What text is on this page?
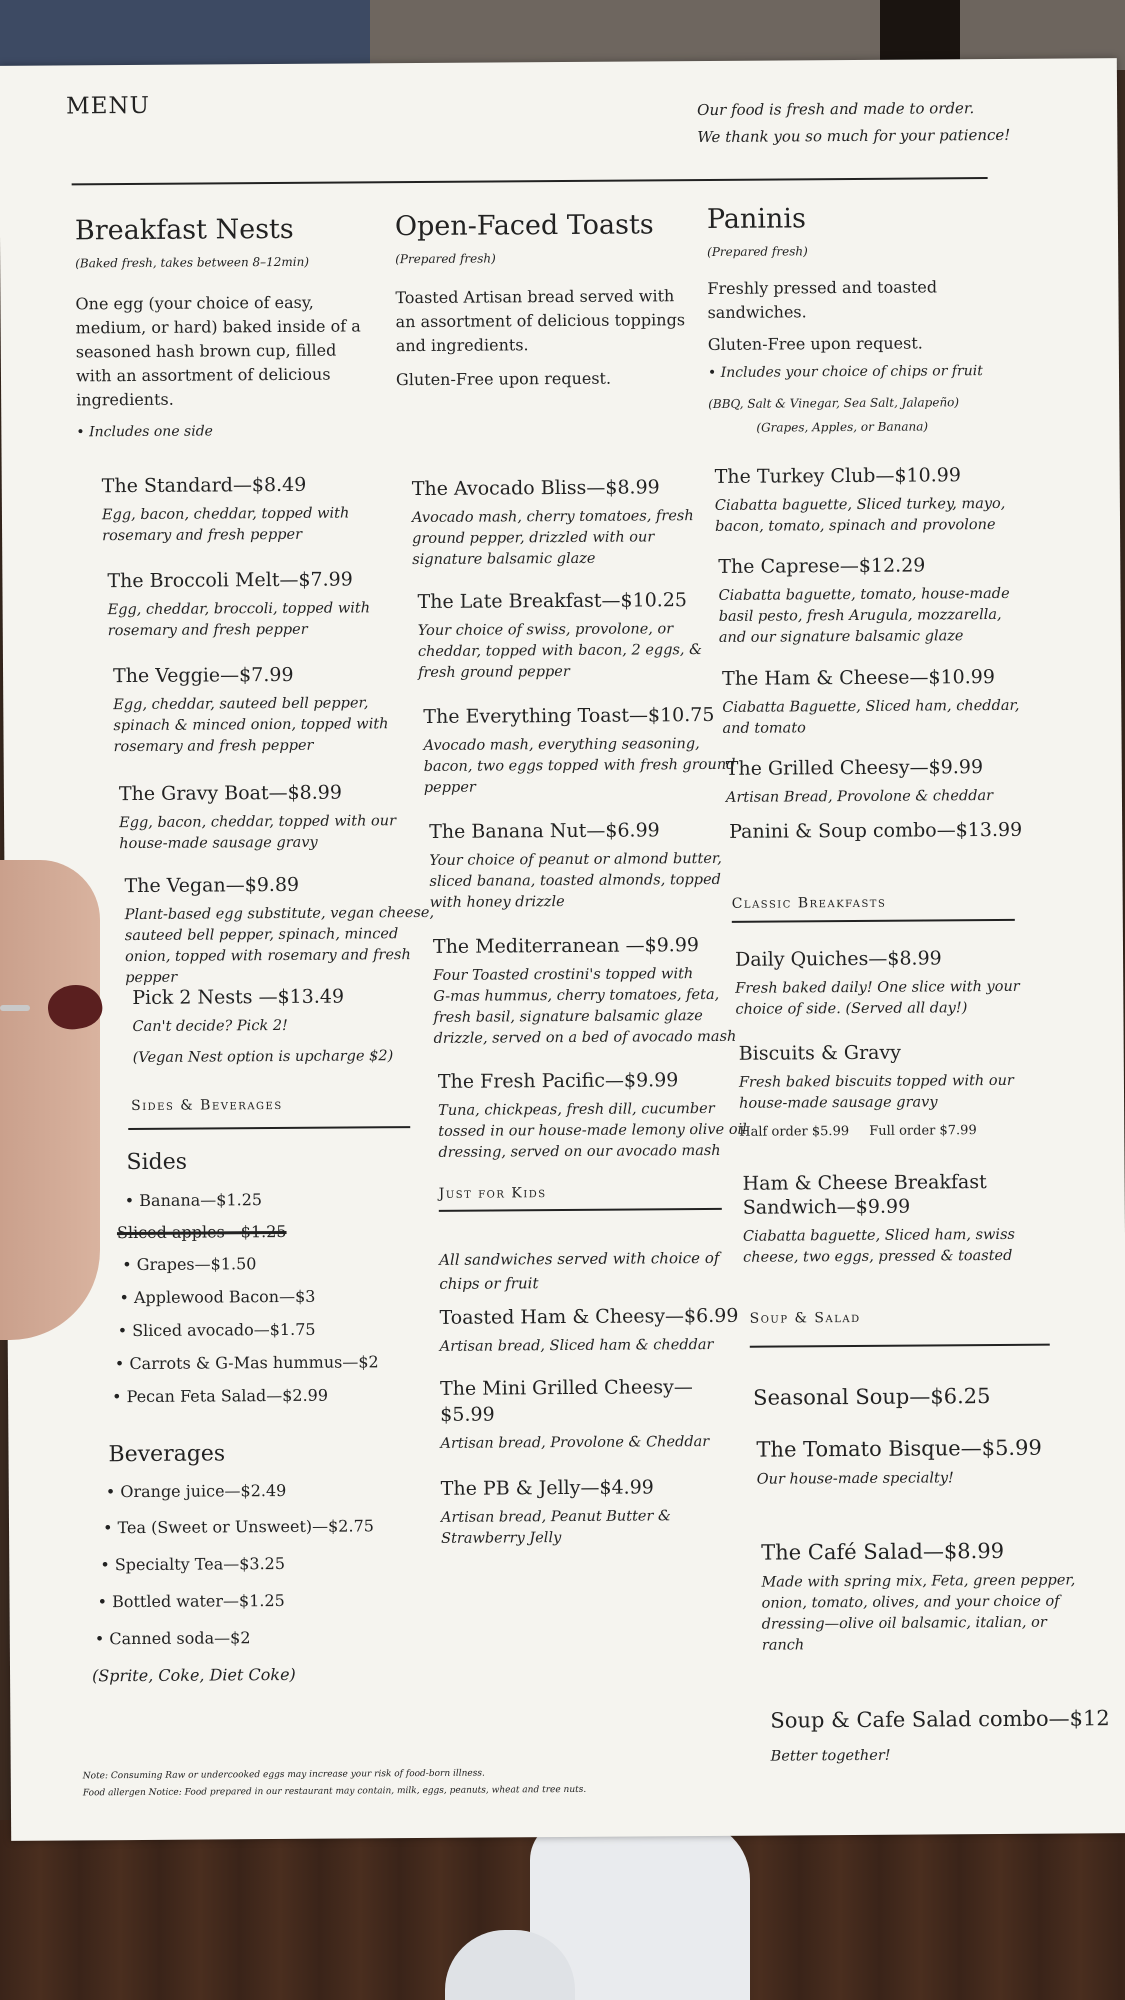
MENU	Our food is fresh and made to order.
We thank you so much for your patience!
Breakfast Nests
(Baked fresh, takes between 8–12min)
One egg (your choice of easy,
medium, or hard) baked inside of a
seasoned hash brown cup, filled
with an assortment of delicious
ingredients.
• Includes one side
The Standard—$8.49
Egg, bacon, cheddar, topped with
rosemary and fresh pepper
The Broccoli Melt—$7.99
Egg, cheddar, broccoli, topped with
rosemary and fresh pepper
The Veggie—$7.99
Egg, cheddar, sauteed bell pepper,
spinach & minced onion, topped with
rosemary and fresh pepper
The Gravy Boat—$8.99
Egg, bacon, cheddar, topped with our
house-made sausage gravy
The Vegan—$9.89
Plant-based egg substitute, vegan cheese,
sauteed bell pepper, spinach, minced
onion, topped with rosemary and fresh
pepper
Pick 2 Nests —$13.49
Can't decide? Pick 2!
(Vegan Nest option is upcharge $2)
Sides & Beverages
Sides
• Banana—$1.25
Sliced apples—$1.25
• Grapes—$1.50
• Applewood Bacon—$3
• Sliced avocado—$1.75
• Carrots & G-Mas hummus—$2
• Pecan Feta Salad—$2.99
Beverages
• Orange juice—$2.49
• Tea (Sweet or Unsweet)—$2.75
• Specialty Tea—$3.25
• Bottled water—$1.25
• Canned soda—$2
(Sprite, Coke, Diet Coke)
Open-Faced Toasts
(Prepared fresh)
Toasted Artisan bread served with
an assortment of delicious toppings
and ingredients.
Gluten-Free upon request.
The Avocado Bliss—$8.99
Avocado mash, cherry tomatoes, fresh
ground pepper, drizzled with our
signature balsamic glaze
The Late Breakfast—$10.25
Your choice of swiss, provolone, or
cheddar, topped with bacon, 2 eggs, &
fresh ground pepper
The Everything Toast—$10.75
Avocado mash, everything seasoning,
bacon, two eggs topped with fresh ground
pepper
The Banana Nut—$6.99
Your choice of peanut or almond butter,
sliced banana, toasted almonds, topped
with honey drizzle
The Mediterranean —$9.99
Four Toasted crostini's topped with
G-mas hummus, cherry tomatoes, feta,
fresh basil, signature balsamic glaze
drizzle, served on a bed of avocado mash
The Fresh Pacific—$9.99
Tuna, chickpeas, fresh dill, cucumber
tossed in our house-made lemony olive oil
dressing, served on our avocado mash
Just for Kids
All sandwiches served with choice of
chips or fruit
Toasted Ham & Cheesy—$6.99
Artisan bread, Sliced ham & cheddar
The Mini Grilled Cheesy—
$5.99
Artisan bread, Provolone & Cheddar
The PB & Jelly—$4.99
Artisan bread, Peanut Butter &
Strawberry Jelly
Paninis
(Prepared fresh)
Freshly pressed and toasted
sandwiches.
Gluten-Free upon request.
• Includes your choice of chips or fruit
(BBQ, Salt & Vinegar, Sea Salt, Jalapeño)
(Grapes, Apples, or Banana)
The Turkey Club—$10.99
Ciabatta baguette, Sliced turkey, mayo,
bacon, tomato, spinach and provolone
The Caprese—$12.29
Ciabatta baguette, tomato, house-made
basil pesto, fresh Arugula, mozzarella,
and our signature balsamic glaze
The Ham & Cheese—$10.99
Ciabatta Baguette, Sliced ham, cheddar,
and tomato
The Grilled Cheesy—$9.99
Artisan Bread, Provolone & cheddar
Panini & Soup combo—$13.99
Classic Breakfasts
Daily Quiches—$8.99
Fresh baked daily! One slice with your
choice of side. (Served all day!)
Biscuits & Gravy
Fresh baked biscuits topped with our
house-made sausage gravy
Half order $5.99 Full order $7.99
Ham & Cheese Breakfast
Sandwich—$9.99
Ciabatta baguette, Sliced ham, swiss
cheese, two eggs, pressed & toasted
Soup & Salad
Seasonal Soup—$6.25
The Tomato Bisque—$5.99
Our house-made specialty!
The Café Salad—$8.99
Made with spring mix, Feta, green pepper,
onion, tomato, olives, and your choice of
dressing—olive oil balsamic, italian, or
ranch
Soup & Cafe Salad combo—$12
Better together!
Note: Consuming Raw or undercooked eggs may increase your risk of food-born illness.
Food allergen Notice: Food prepared in our restaurant may contain, milk, eggs, peanuts, wheat and tree nuts.
